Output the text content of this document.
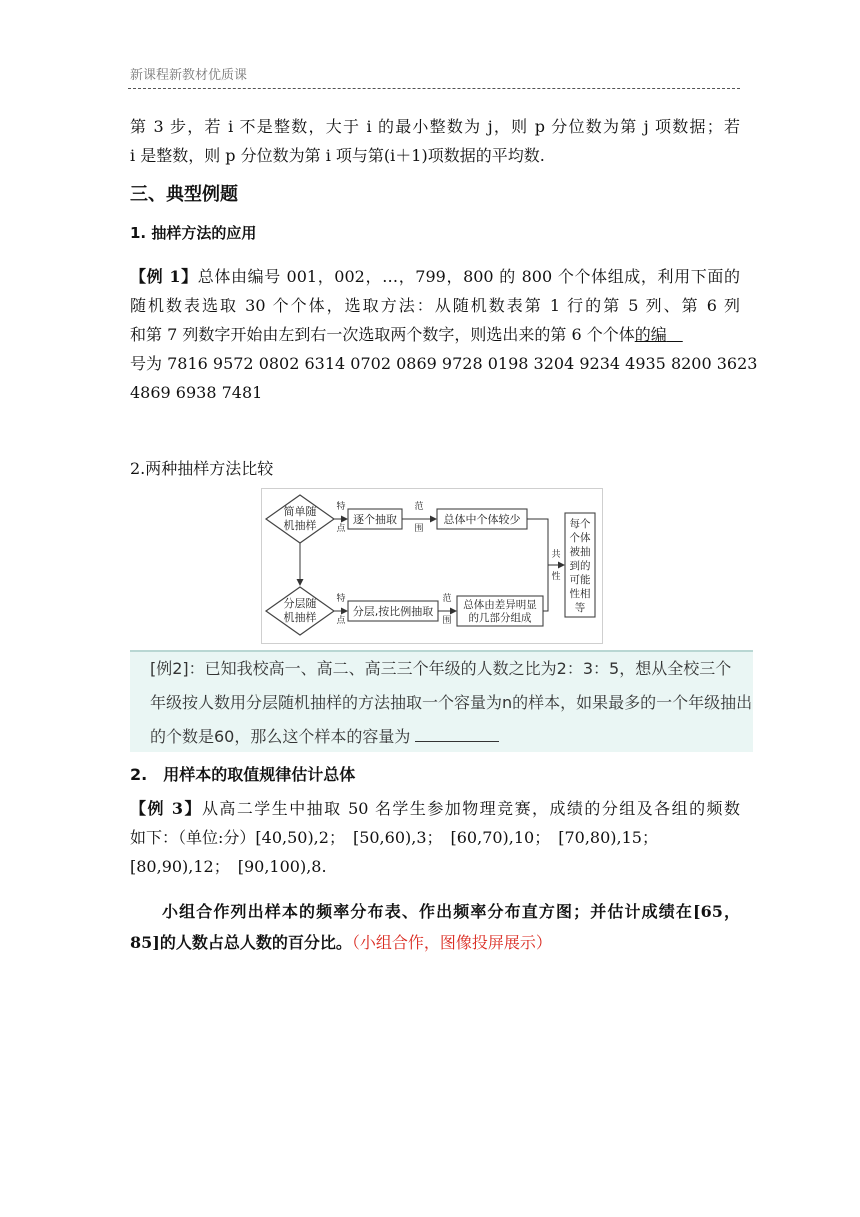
新课程新教材优质课
第 3 步，若 i 不是整数，大于 i 的最小整数为 j，则 p 分位数为第 j 项数据；若
i 是整数，则 p 分位数为第 i 项与第(i＋1)项数据的平均数.
三、典型例题
1. 抽样方法的应用
【例 1】总体由编号 001，002，…，799，800 的 800 个个体组成，利用下面的
随机数表选取 30 个个体，选取方法：从随机数表第 1 行的第 5 列、第 6 列
和第 7 列数字开始由左到右一次选取两个数字，则选出来的第 6 个个体的编　
号为 7816 9572 0802 6314 0702 0869 9728 0198 3204 9234 4935 8200 3623
4869 6938 7481
2.两种抽样方法比较
简单随
机抽样
分层随
机抽样
特
点
逐个抽取
范
围
总体中个体较少
特
点
分层,按比例抽取
范
围
总体由差异明显
的几部分组成
共
性
每个
个体
被抽
到的
可能
性相
等
[例2]：已知我校高一、高二、高三三个年级的人数之比为2：3：5，想从全校三个
年级按人数用分层随机抽样的方法抽取一个容量为n的样本，如果最多的一个年级抽出
的个数是60，那么这个样本的容量为
2.　用样本的取值规律估计总体
【例 3】从高二学生中抽取 50 名学生参加物理竞赛，成绩的分组及各组的频数
如下：（单位:分）[40,50),2；　[50,60),3；　[60,70),10；　[70,80),15；
[80,90),12；　[90,100),8.
小组合作列出样本的频率分布表、作出频率分布直方图；并估计成绩在[65，
85]的人数占总人数的百分比。（小组合作，图像投屏展示）
